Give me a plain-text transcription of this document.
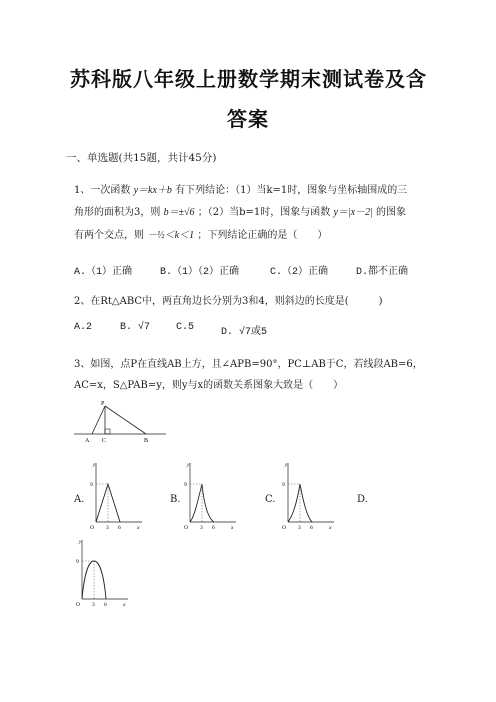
苏科版八年级上册数学期末测试卷及含
答案
一、单选题(共15题，共计45分)
1、一次函数 y＝kx＋b 有下列结论：（1）当k=1时，图象与坐标轴围成的三
角形的面积为3，则 b＝±√6 ；（2）当b=1时，图象与函数 y＝|x－2| 的图象
有两个交点，则 －½＜k＜1 ；下列结论正确的是（　　）
A.（1）正确	B.（1）（2）正确	C.（2）正确	D.都不正确
2、在Rt△ABC中，两直角边长分别为3和4，则斜边的长度是(　　　)
A.2	B. √7	C.5	D. √7或5
3、如图，点P在直线AB上方，且∠APB=90°，PC⊥AB于C，若线段AB=6，
AC=x，S△PAB=y，则y与x的函数关系图象大致是（　　）
P
A C	B
A.	B.	C.	D.
y
x
O
9
3 6
y
x
O
9
3 6
y
x
O
9
3 6
y
x
O
9
3 6
